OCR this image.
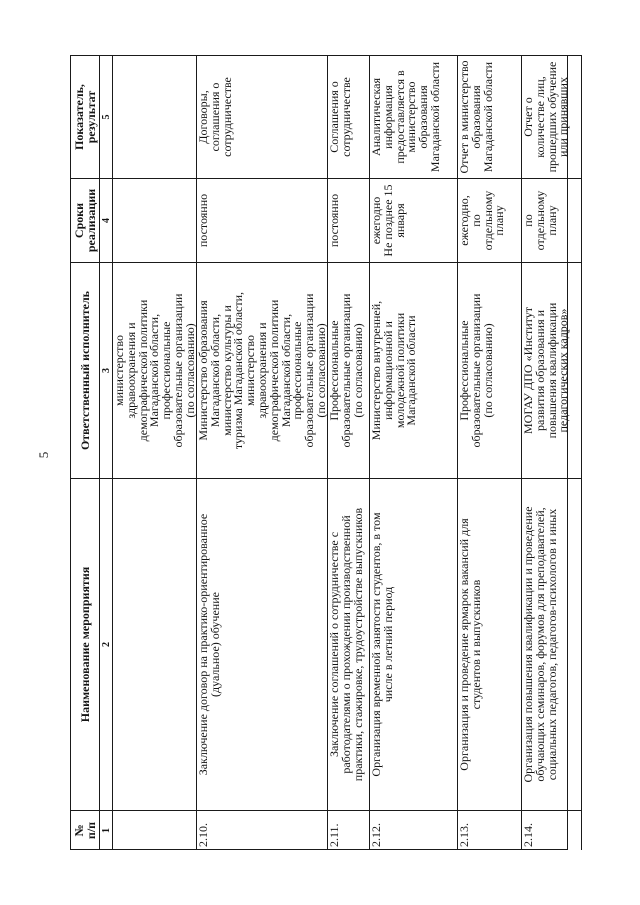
5
№
п/п
Наименование мероприятия
Ответственный исполнитель
Сроки
реализации
Показатель,
результат
1
2
3
4
5
министерство
здравоохранения и
демографической политики
Магаданской области,
профессиональные
образовательные организации
(по согласованию)
2.10.
Заключение договор на практико-ориентированное
(дуальное) обучение
Министерство образования
Магаданской области,
министерство культуры и
туризма Магаданской области,
министерство
здравоохранения и
демографической политики
Магаданской области,
профессиональные
образовательные организации
(по согласованию)
постоянно
Договоры,
соглашения о
сотрудничестве
2.11.
Заключение соглашений о сотрудничестве с
работодателями о прохождении производственной
практики, стажировке, трудоустройстве выпускников
Профессиональные
образовательные организации
(по согласованию)
постоянно
Соглашения о
сотрудничестве
2.12.
Организация временной занятости студентов, в том
числе в летний период
Министерство внутренней,
информационной и
молодежной политики
Магаданской области
ежегодно
Не позднее 15
января
Аналитическая
информация
предоставляется в
министерство
образования
Магаданской области
2.13.
Организация и проведение ярмарок вакансий для
студентов и выпускников
Профессиональные
образовательные организации
(по согласованию)
ежегодно,
по
отдельному
плану
Отчет в министерство
образования
Магаданской области
2.14.
Организация повышения квалификации и проведение
обучающих семинаров, форумов для преподавателей,
социальных педагогов, педагогов-психологов и иных
МОГАУ ДПО «Институт
развития образования и
повышения квалификации
педагогических кадров»
по
отдельному
плану
Отчет о
количестве лиц,
прошедших обучение
или принявших
